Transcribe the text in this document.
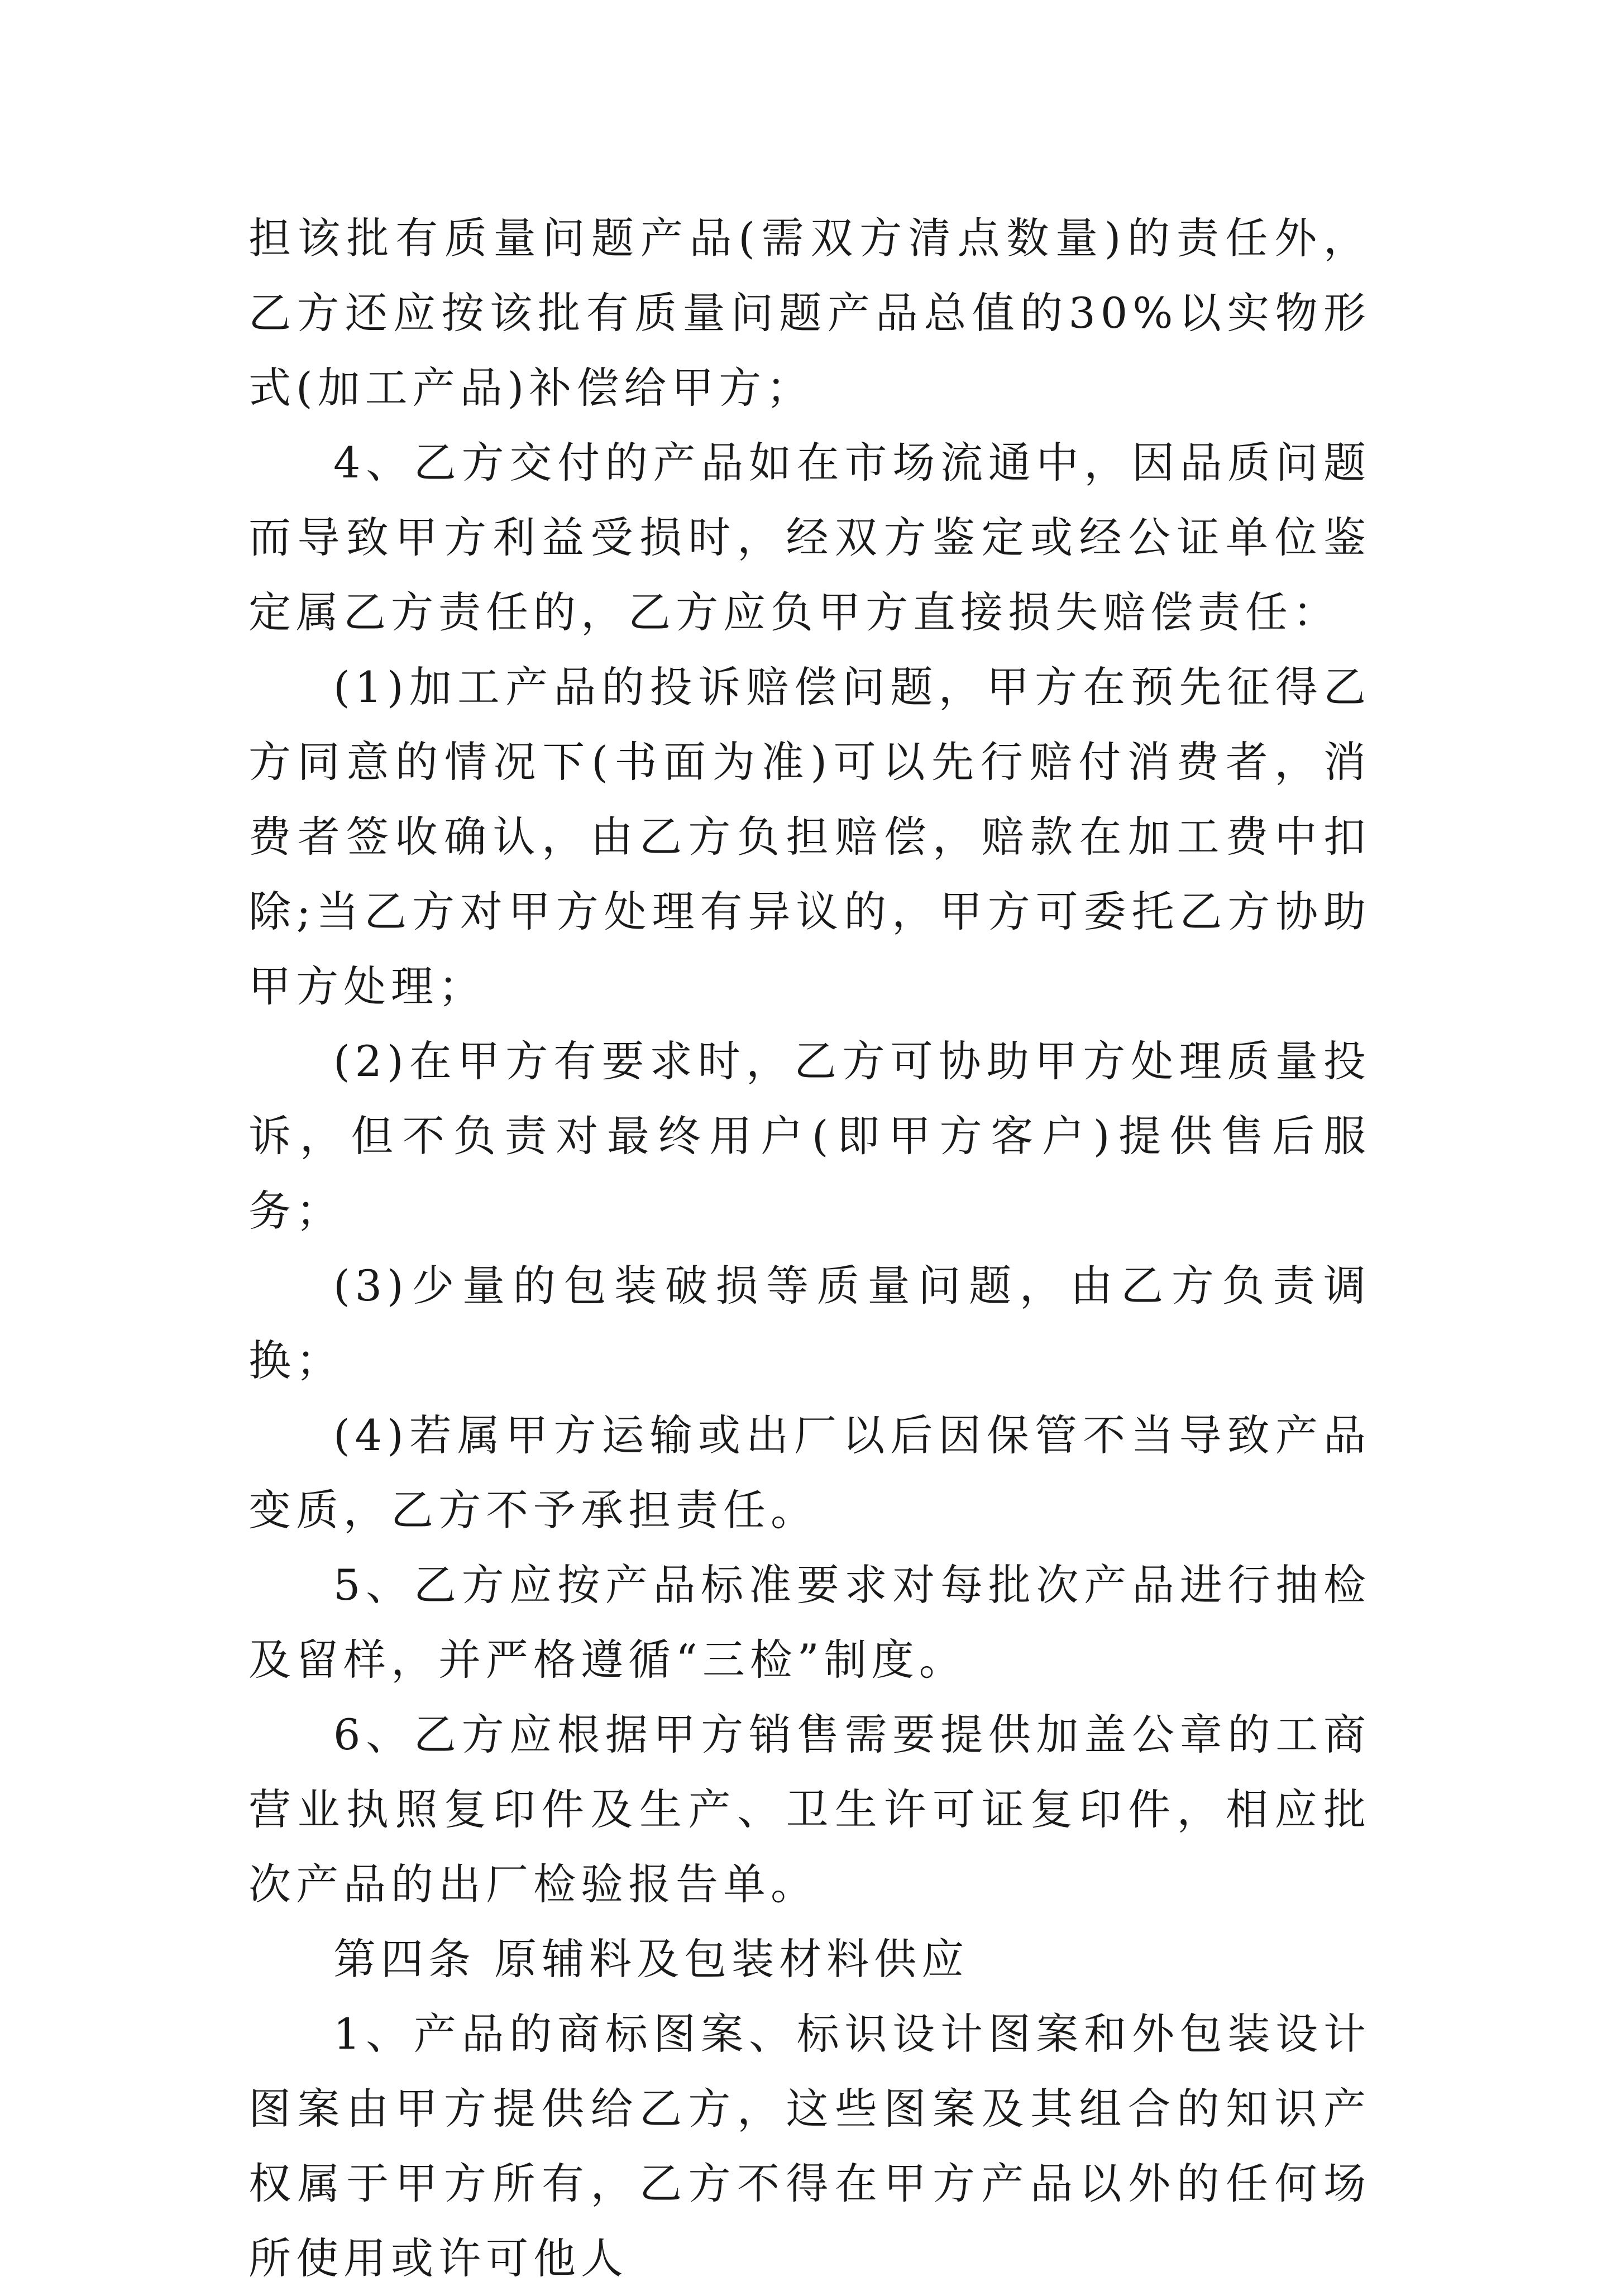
担该批有质量问题产品(需双方清点数量)的责任外，乙方还应按该批有质量问题产品总值的30%以实物形式(加工产品)补偿给甲方；

4、乙方交付的产品如在市场流通中，因品质问题而导致甲方利益受损时，经双方鉴定或经公证单位鉴定属乙方责任的，乙方应负甲方直接损失赔偿责任：

(1)加工产品的投诉赔偿问题，甲方在预先征得乙方同意的情况下(书面为准)可以先行赔付消费者，消费者签收确认，由乙方负担赔偿，赔款在加工费中扣除;当乙方对甲方处理有异议的，甲方可委托乙方协助甲方处理；

(2)在甲方有要求时，乙方可协助甲方处理质量投诉，但不负责对最终用户(即甲方客户)提供售后服务；

(3)少量的包装破损等质量问题，由乙方负责调换；

(4)若属甲方运输或出厂以后因保管不当导致产品变质，乙方不予承担责任。

5、乙方应按产品标准要求对每批次产品进行抽检及留样，并严格遵循“三检”制度。

6、乙方应根据甲方销售需要提供加盖公章的工商营业执照复印件及生产、卫生许可证复印件，相应批次产品的出厂检验报告单。

第四条 原辅料及包装材料供应

1、产品的商标图案、标识设计图案和外包装设计图案由甲方提供给乙方，这些图案及其组合的知识产权属于甲方所有，乙方不得在甲方产品以外的任何场所使用或许可他人
